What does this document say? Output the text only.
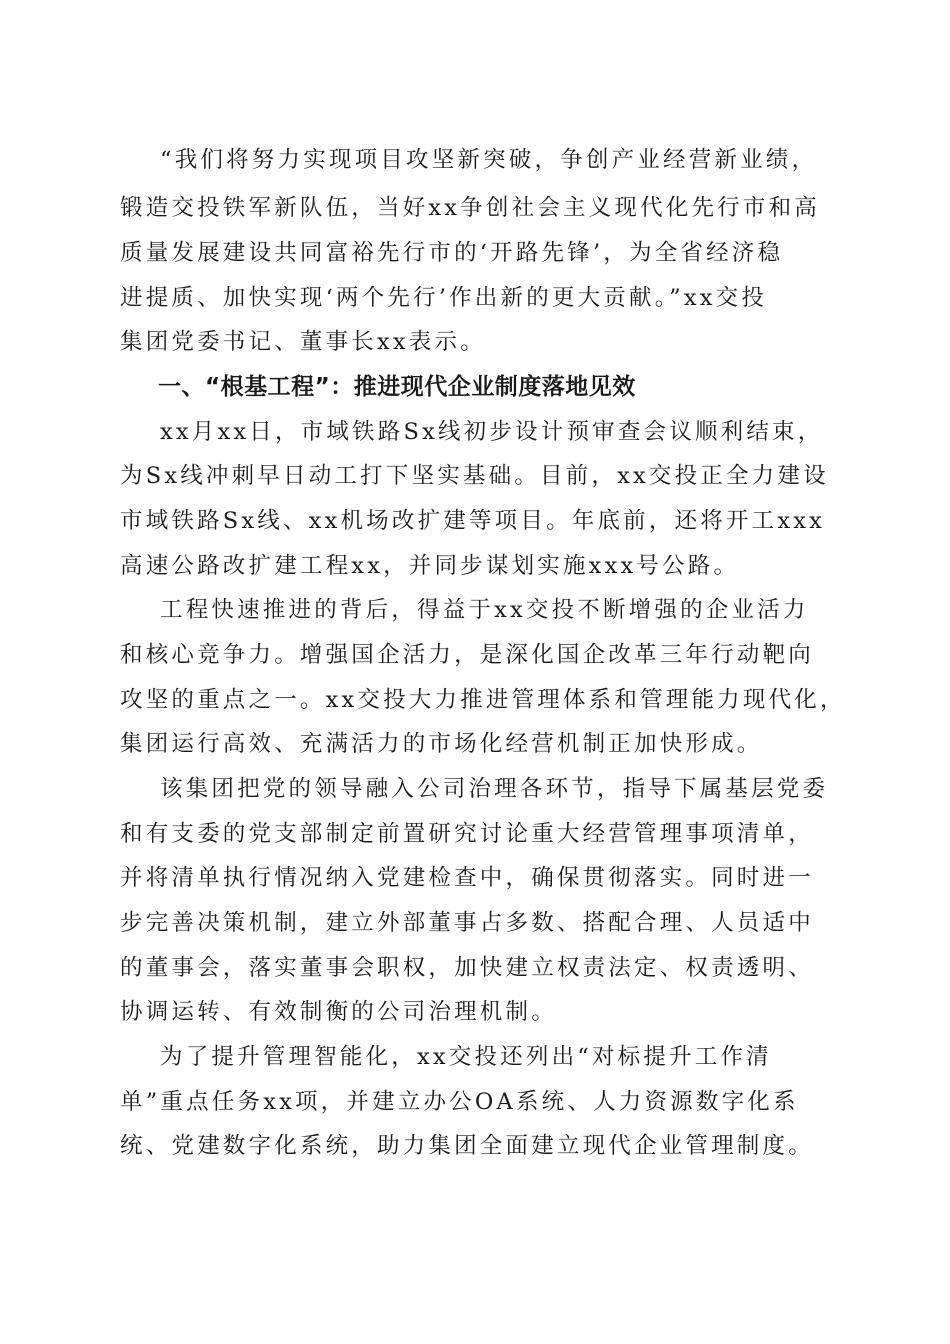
“我们将努力实现项目攻坚新突破，争创产业经营新业绩，
锻造交投铁军新队伍，当好xx争创社会主义现代化先行市和高
质量发展建设共同富裕先行市的‘开路先锋’，为全省经济稳
进提质、加快实现‘两个先行’作出新的更大贡献。”xx交投
集团党委书记、董事长xx表示。
一、“根基工程”：推进现代企业制度落地见效
xx月xx日，市域铁路Sx线初步设计预审查会议顺利结束，
为Sx线冲刺早日动工打下坚实基础。目前，xx交投正全力建设
市域铁路Sx线、xx机场改扩建等项目。年底前，还将开工xxx
高速公路改扩建工程xx，并同步谋划实施xxx号公路。
工程快速推进的背后，得益于xx交投不断增强的企业活力
和核心竞争力。增强国企活力，是深化国企改革三年行动靶向
攻坚的重点之一。xx交投大力推进管理体系和管理能力现代化，
集团运行高效、充满活力的市场化经营机制正加快形成。
该集团把党的领导融入公司治理各环节，指导下属基层党委
和有支委的党支部制定前置研究讨论重大经营管理事项清单，
并将清单执行情况纳入党建检查中，确保贯彻落实。同时进一
步完善决策机制，建立外部董事占多数、搭配合理、人员适中
的董事会，落实董事会职权，加快建立权责法定、权责透明、
协调运转、有效制衡的公司治理机制。
为了提升管理智能化，xx交投还列出“对标提升工作清
单”重点任务xx项，并建立办公OA系统、人力资源数字化系
统、党建数字化系统，助力集团全面建立现代企业管理制度。
